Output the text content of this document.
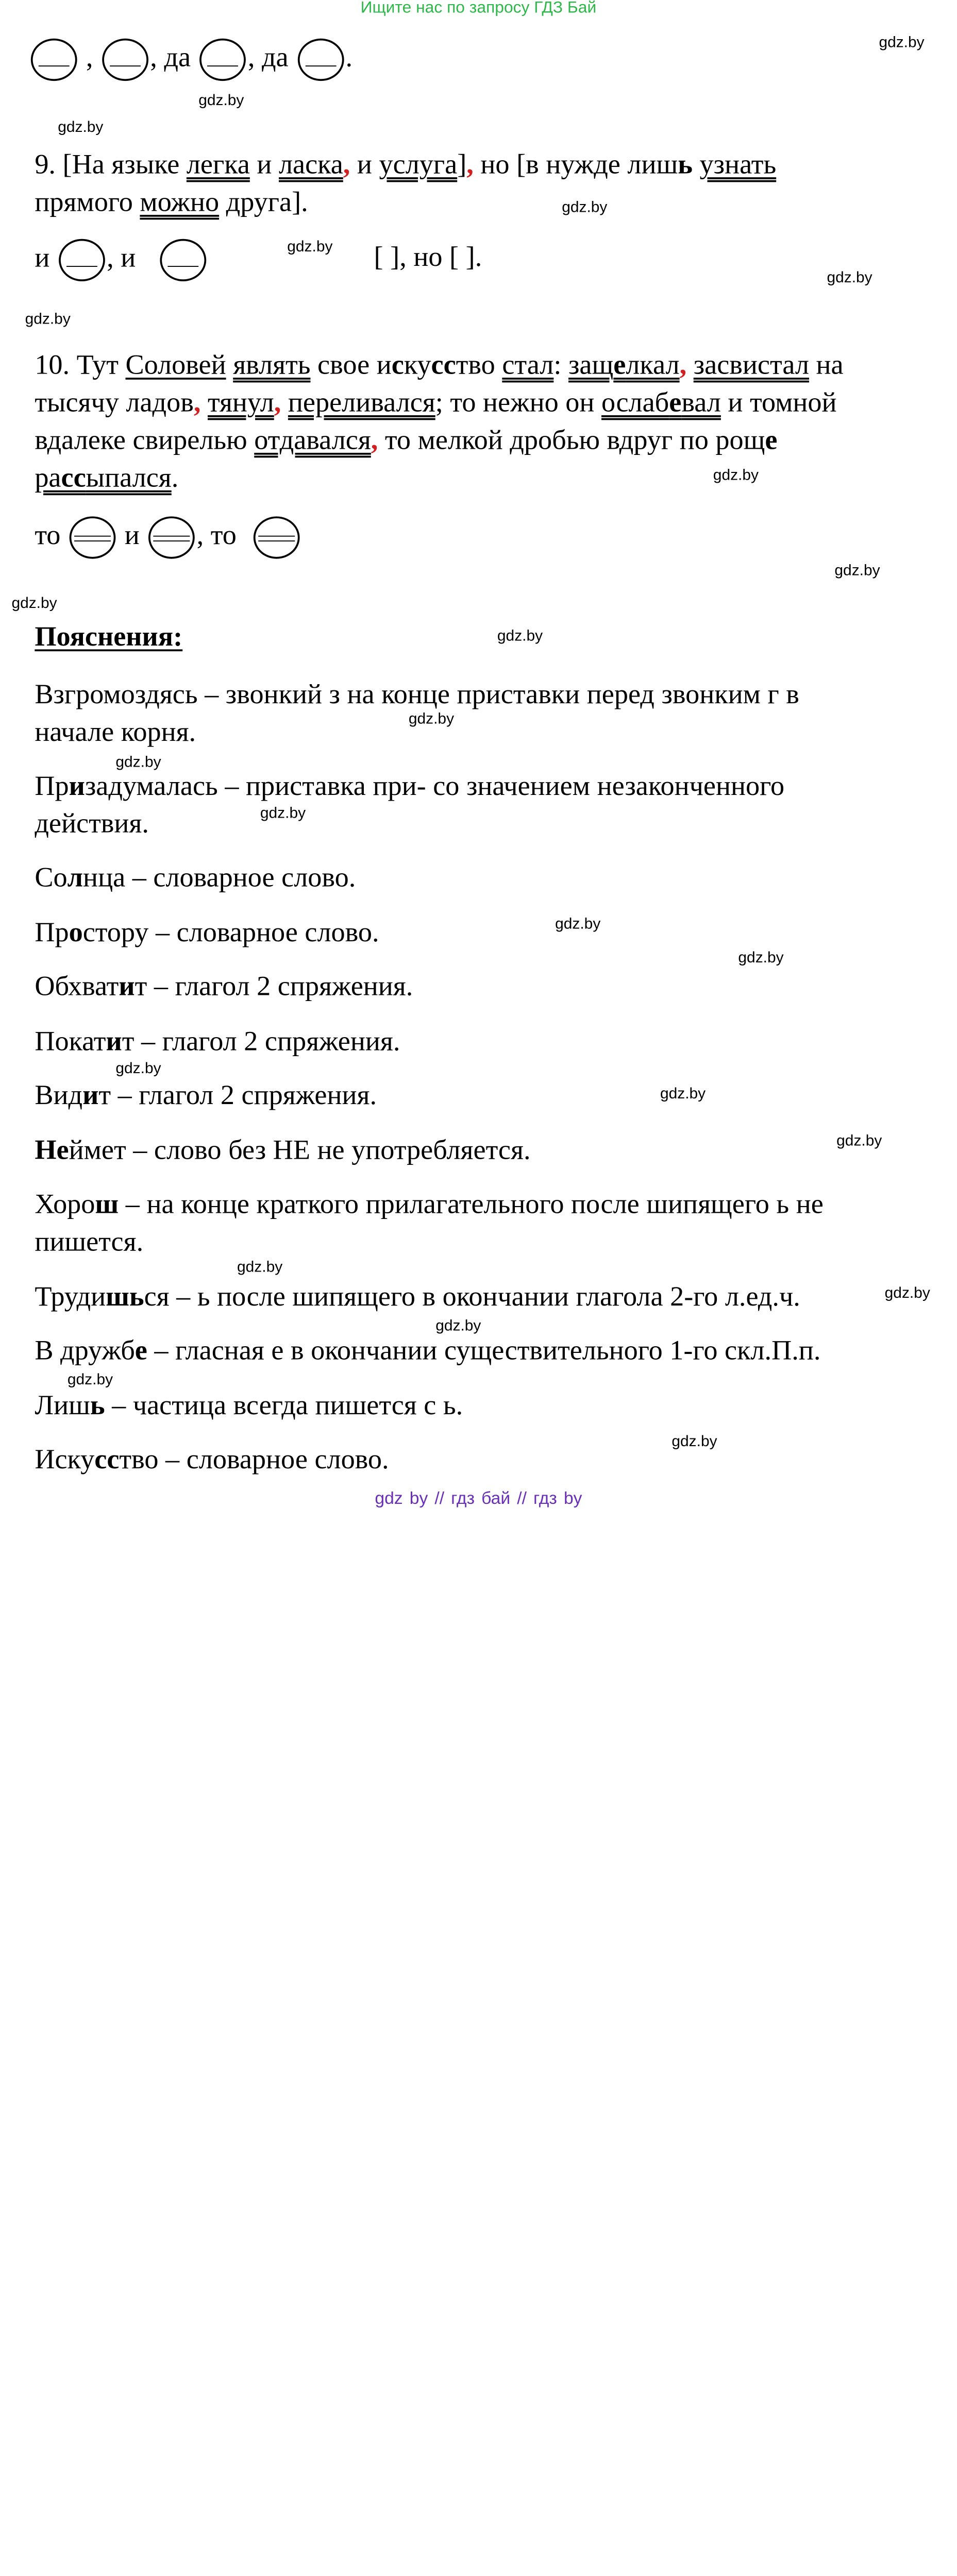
Ищите нас по запросу ГДЗ Бай
,	, да	, да	.
9. [На языке легка и ласка, и услуга], но [в нужде лишь узнать
прямого можно друга].
и	, и	[ ], но [ ].
10. Тут Соловей являть свое искусство стал: защелкал, засвистал на
тысячу ладов, тянул, переливался; то нежно он ослабевал и томной
вдалеке свирелью отдавался, то мелкой дробью вдруг по роще
рассыпался.
то	и	, то
Пояснения:
Взгромоздясь – звонкий з на конце приставки перед звонким г в
начале корня.
Призадумалась – приставка при- со значением незаконченного
действия.
Солнца – словарное слово.
Простору – словарное слово.
Обхватит – глагол 2 спряжения.
Покатит – глагол 2 спряжения.
Видит – глагол 2 спряжения.
Неймет – слово без НЕ не употребляется.
Хорош – на конце краткого прилагательного после шипящего ь не
пишется.
Трудишься – ь после шипящего в окончании глагола 2-го л.ед.ч.
В дружбе – гласная е в окончании существительного 1-го скл.П.п.
Лишь – частица всегда пишется с ь.
Искусство – словарное слово.
gdz.by
gdz.by
gdz.by
gdz.by
gdz.by
gdz.by
gdz.by
gdz.by
gdz.by
gdz.by
gdz.by
gdz.by
gdz.by
gdz.by
gdz.by
gdz.by
gdz.by
gdz.by
gdz.by
gdz.by
gdz.by
gdz.by
gdz.by
gdz.by
gdz by // гдз бай // гдз by
